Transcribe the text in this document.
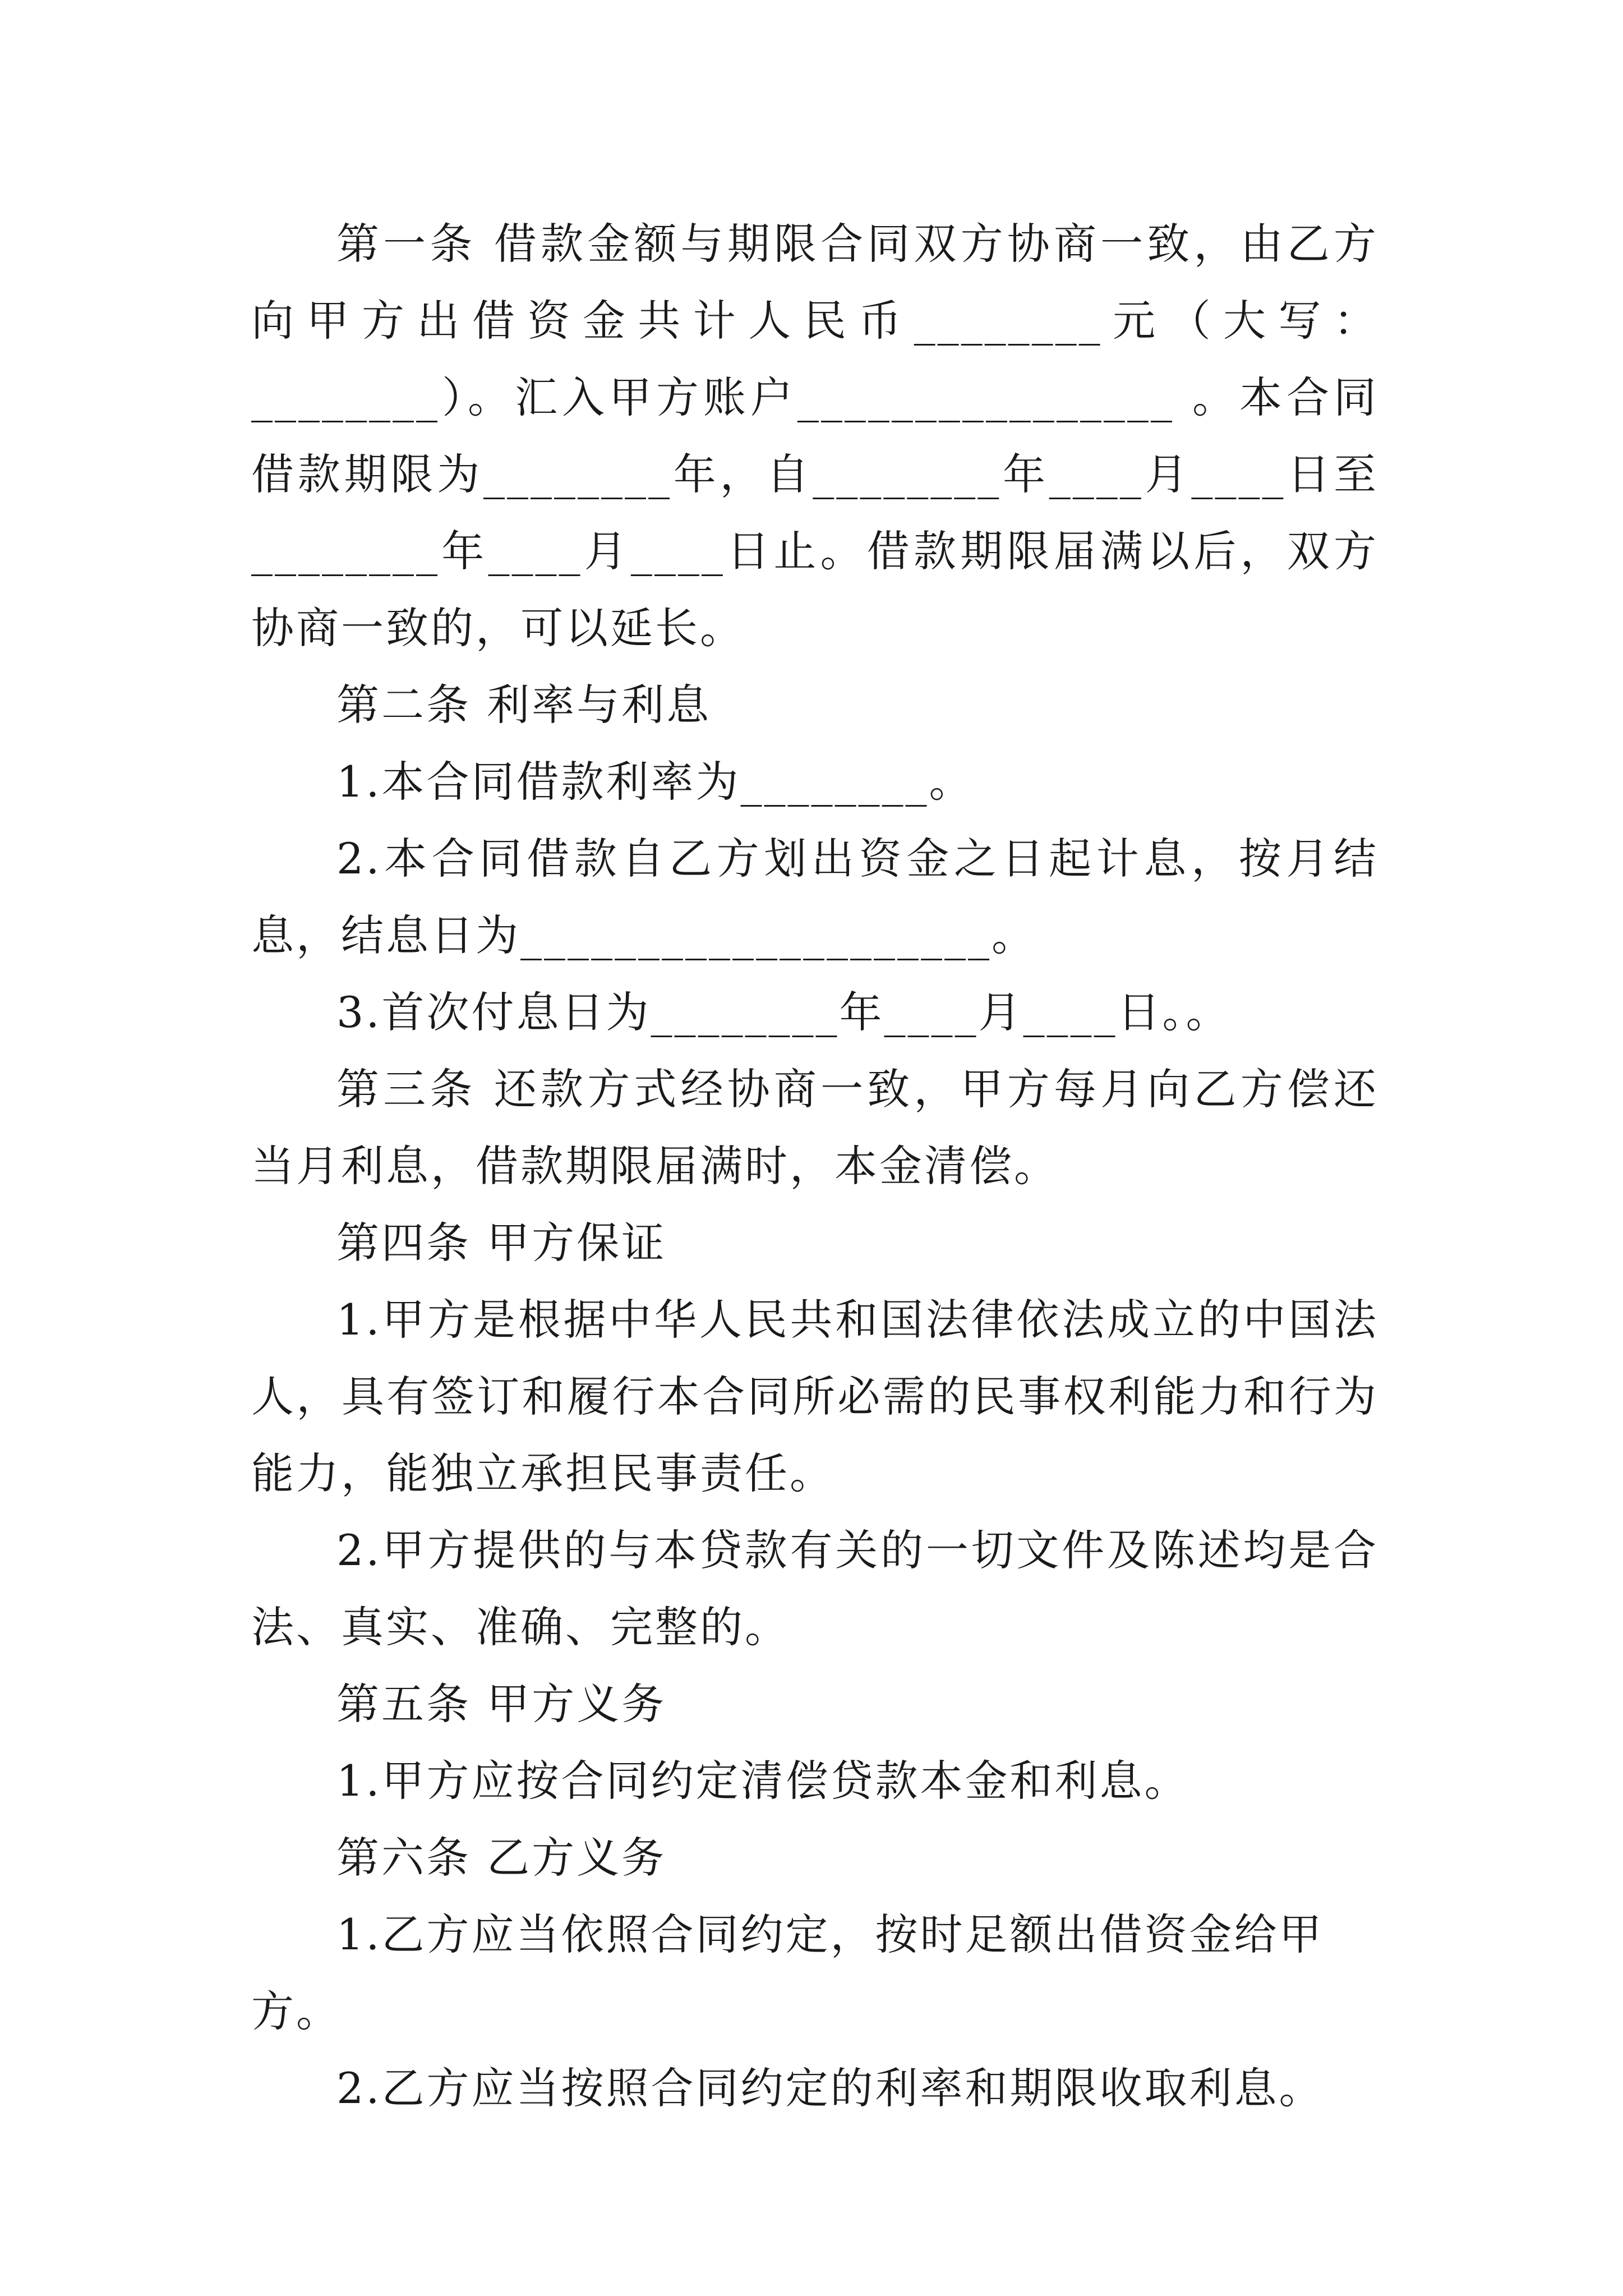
第一条 借款金额与期限合同双方协商一致，由乙方向甲方出借资金共计人民币________元（大写：________）。汇入甲方账户________________ 。本合同借款期限为________年，自________年____月____日至________年____月____日止。借款期限届满以后，双方协商一致的，可以延长。

第二条 利率与利息

1.本合同借款利率为________。

2.本合同借款自乙方划出资金之日起计息，按月结息，结息日为____________________。

3.首次付息日为________年____月____日。。

第三条 还款方式经协商一致，甲方每月向乙方偿还当月利息，借款期限届满时，本金清偿。

第四条 甲方保证

1.甲方是根据中华人民共和国法律依法成立的中国法人，具有签订和履行本合同所必需的民事权利能力和行为能力，能独立承担民事责任。

2.甲方提供的与本贷款有关的一切文件及陈述均是合法、真实、准确、完整的。

第五条 甲方义务

1.甲方应按合同约定清偿贷款本金和利息。

第六条 乙方义务

1.乙方应当依照合同约定，按时足额出借资金给甲方。

2.乙方应当按照合同约定的利率和期限收取利息。
